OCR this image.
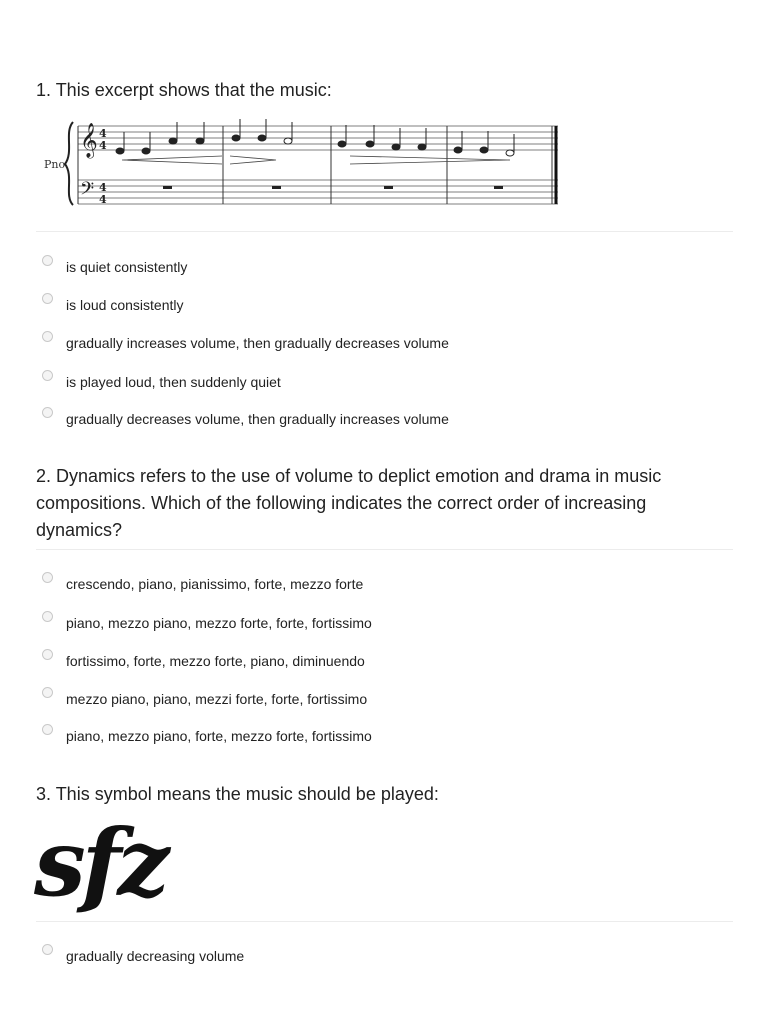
1. This excerpt shows that the music:

Pno
𝄞
𝄢
4
4
4
4
is quiet consistently
is loud consistently
gradually increases volume, then gradually decreases volume
is played loud, then suddenly quiet
gradually decreases volume, then gradually increases volume

2. Dynamics refers to the use of volume to deplict emotion and drama in music compositions. Which of the following indicates the correct order of increasing dynamics?

crescendo, piano, pianissimo, forte, mezzo forte
piano, mezzo piano, mezzo forte, forte, fortissimo
fortissimo, forte, mezzo forte, piano, diminuendo
mezzo piano, piano, mezzi forte, forte, fortissimo
piano, mezzo piano, forte, mezzo forte, fortissimo

3. This symbol means the music should be played:

sfz
gradually decreasing volume
